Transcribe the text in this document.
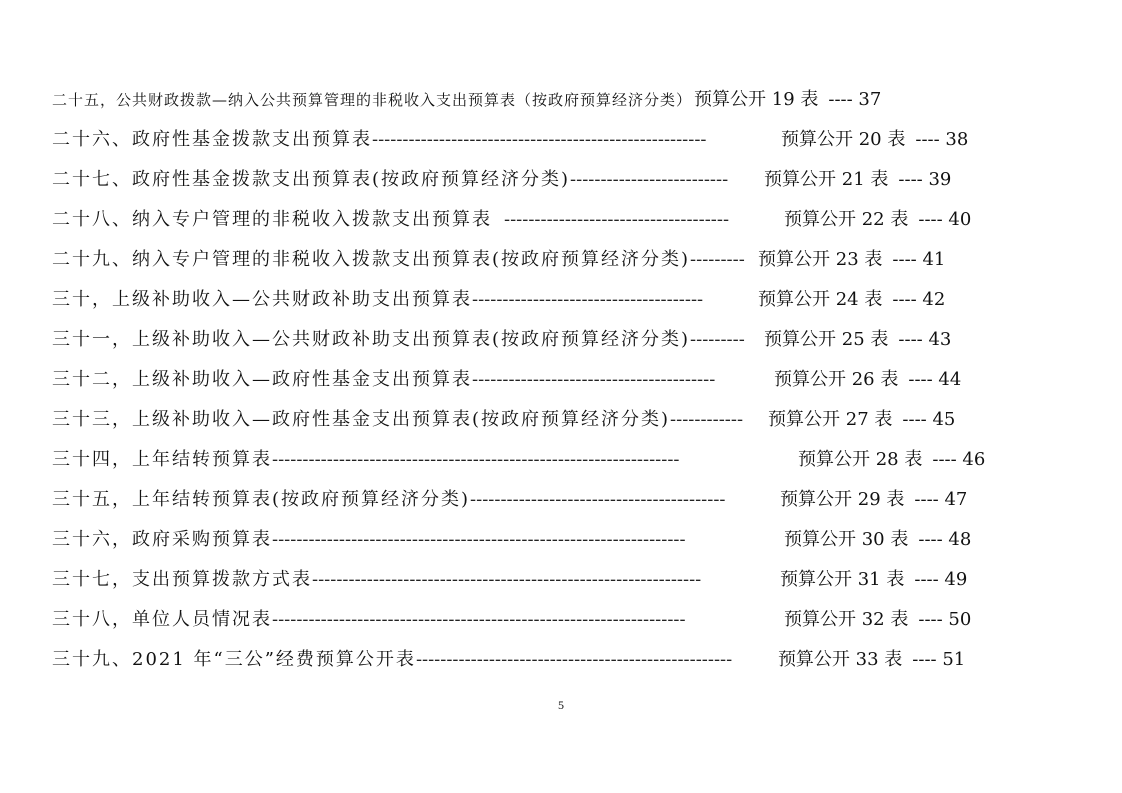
二十五，公共财政拨款—纳入公共预算管理的非税收入支出预算表（按政府预算经济分类） 预算公开 19 表 ---- 37
二十六、政府性基金拨款支出预算表 -------------------------------------------------------	预算公开 20 表 ---- 38
二十七、政府性基金拨款支出预算表(按政府预算经济分类) --------------------------	预算公开 21 表 ---- 39
二十八、纳入专户管理的非税收入拨款支出预算表 -------------------------------------	预算公开 22 表 ---- 40
二十九、纳入专户管理的非税收入拨款支出预算表(按政府预算经济分类) --------- 预算公开 23 表 ---- 41
三十，上级补助收入—公共财政补助支出预算表 --------------------------------------	预算公开 24 表 ---- 42
三十一，上级补助收入—公共财政补助支出预算表(按政府预算经济分类) ---------	预算公开 25 表 ---- 43
三十二，上级补助收入—政府性基金支出预算表 ----------------------------------------	预算公开 26 表 ---- 44
三十三，上级补助收入—政府性基金支出预算表(按政府预算经济分类) ------------	预算公开 27 表 ---- 45
三十四，上年结转预算表 -------------------------------------------------------------------	预算公开 28 表 ---- 46
三十五，上年结转预算表(按政府预算经济分类) ------------------------------------------	预算公开 29 表 ---- 47
三十六，政府采购预算表 --------------------------------------------------------------------	预算公开 30 表 ---- 48
三十七，支出预算拨款方式表 ----------------------------------------------------------------	预算公开 31 表 ---- 49
三十八，单位人员情况表 --------------------------------------------------------------------	预算公开 32 表 ---- 50
三十九、2021 年“三公”经费预算公开表 ----------------------------------------------------	预算公开 33 表 ---- 51
5
